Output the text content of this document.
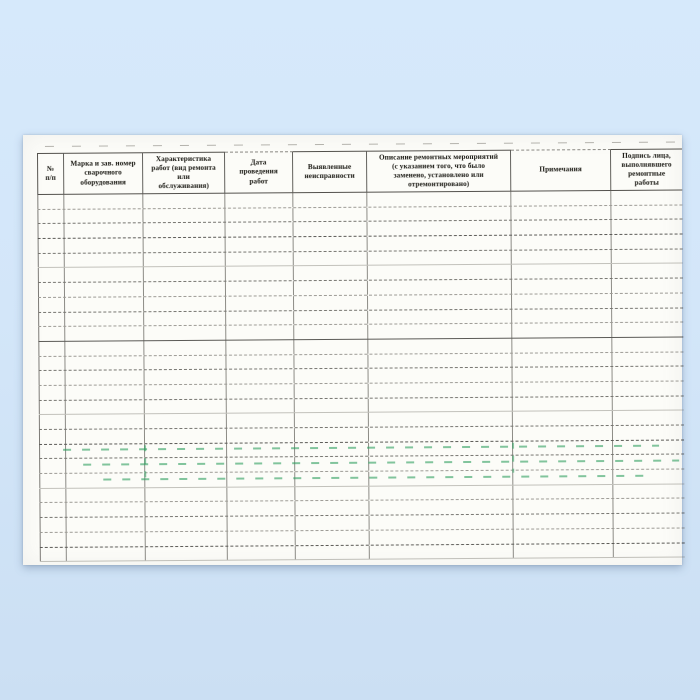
№
п/п
Марка и зав. номер
сварочного
оборудования
Характеристика
работ (вид ремонта
или
обслуживания)
Дата
проведения
работ
Выявленные
неисправности
Описание ремонтных мероприятий
(с указанием того, что было
заменено, установлено или
отремонтировано)
Примечания
Подпись лица,
выполнявшего
ремонтные
работы
